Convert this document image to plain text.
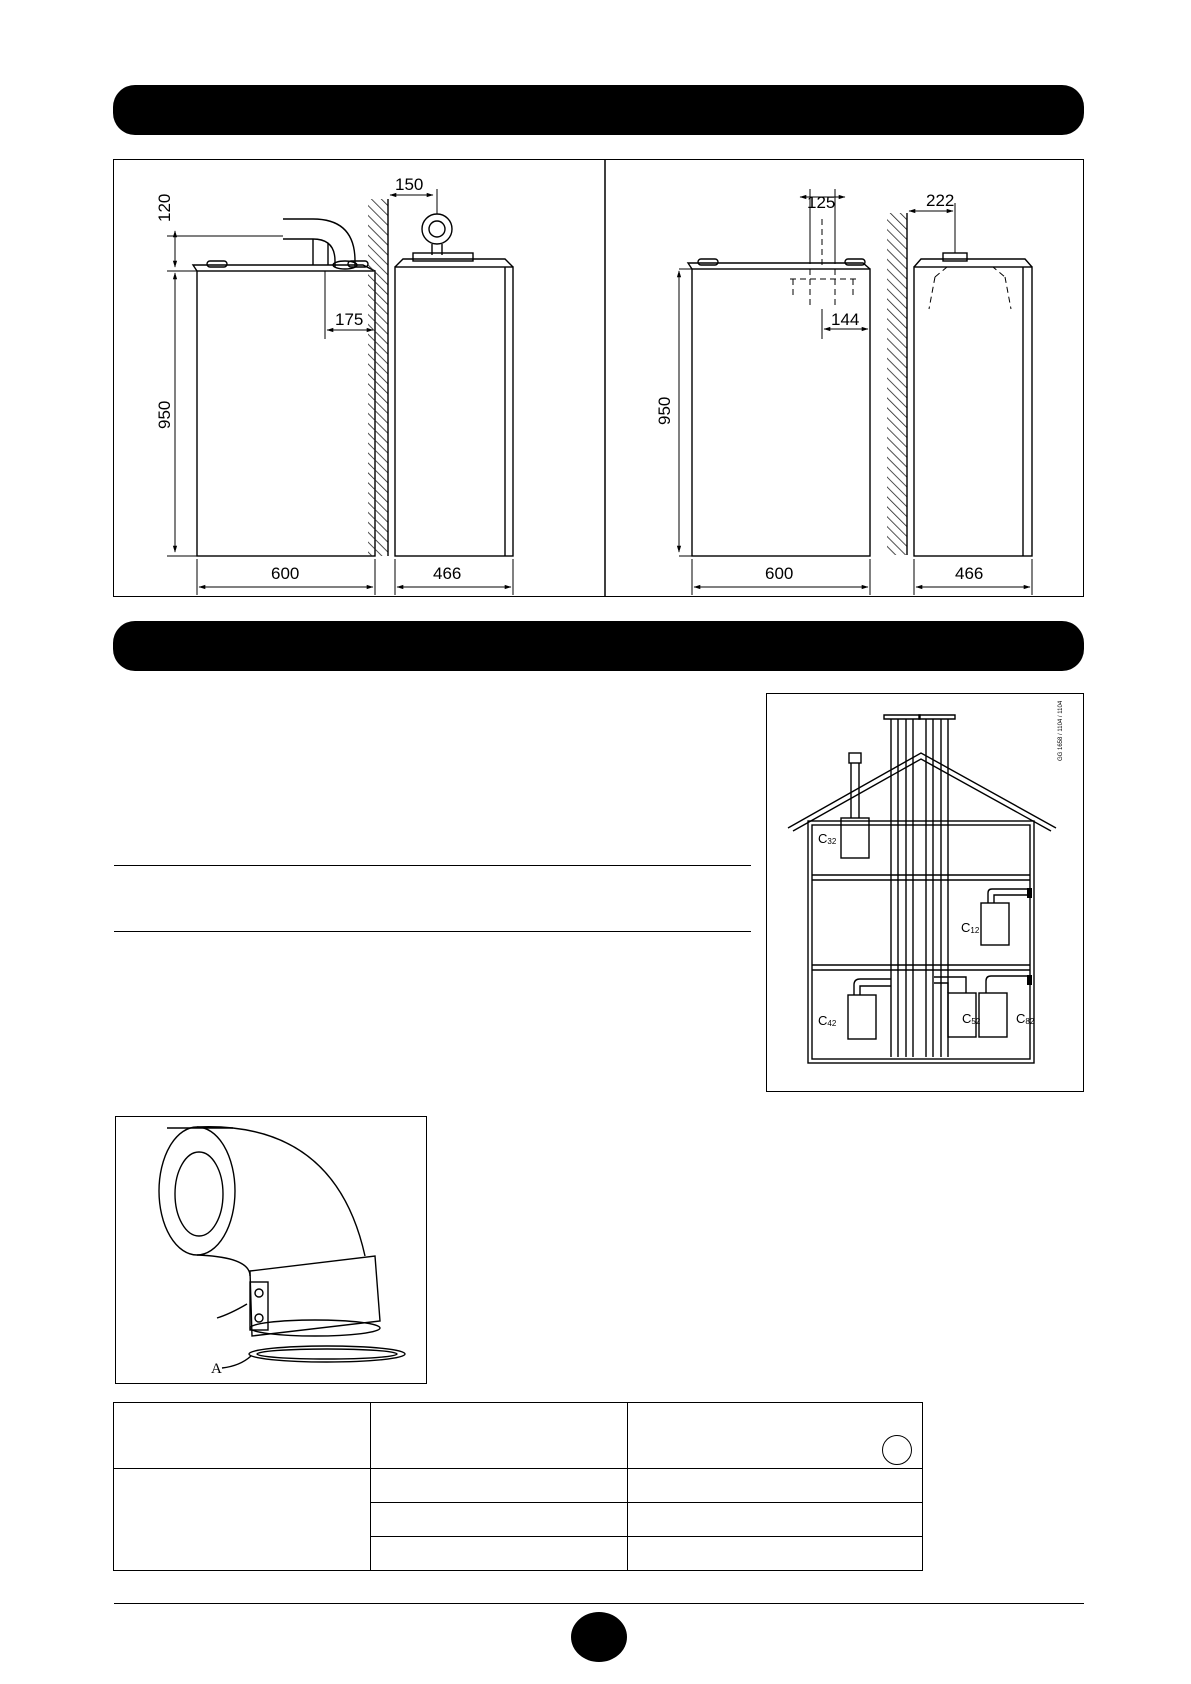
120
175
950
600
150
466
125
144
950
600
222
466
GG 1658 / 1104 / 1104
C32
C12
C42	C52	C82
A
